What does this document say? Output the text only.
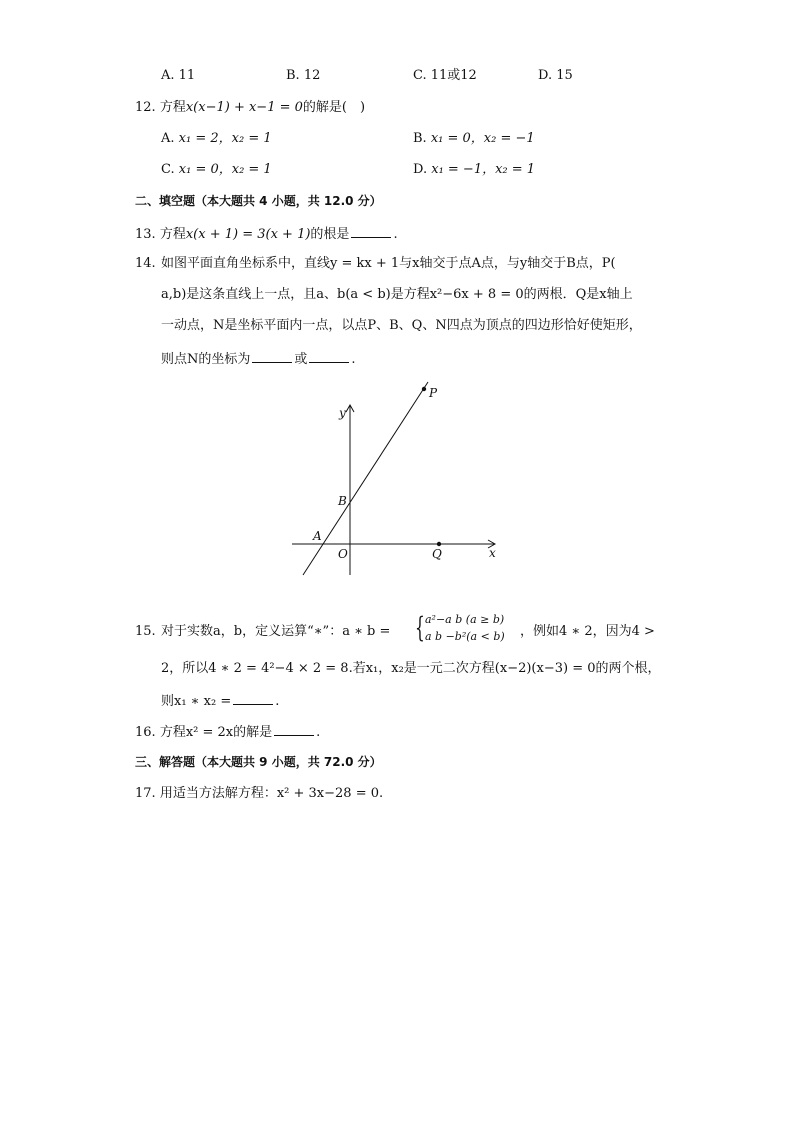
A. 11	B. 12	C. 11或12	D. 15
12. 方程x(x−1) + x−1 = 0的解是(　)
A. x₁ = 2，x₂ = 1	B. x₁ = 0，x₂ = −1
C. x₁ = 0，x₂ = 1	D. x₁ = −1，x₂ = 1
二、填空题（本大题共 4 小题，共 12.0 分）
13. 方程x(x + 1) = 3(x + 1)的根是	.
14. 如图平面直角坐标系中，直线y = kx + 1与x轴交于点A点，与y轴交于B点，P(
a,b)是这条直线上一点，且a、b(a < b)是方程x²−6x + 8 = 0的两根．Q是x轴上
一动点，N是坐标平面内一点，以点P、B、Q、N四点为顶点的四边形恰好使矩形，
则点N的坐标为	或	.
y
x
P
B
A
O	Q
15. 对于实数a，b，定义运算“∗”：a ∗ b = { a²−a b (a ≥ b)
a b −b²(a < b) ，例如4 ∗ 2，因为4 >
2，所以4 ∗ 2 = 4²−4 × 2 = 8.若x₁，x₂是一元二次方程(x−2)(x−3) = 0的两个根，
则x₁ ∗ x₂ =	.
16. 方程x² = 2x的解是	.
三、解答题（本大题共 9 小题，共 72.0 分）
17. 用适当方法解方程：x² + 3x−28 = 0.
